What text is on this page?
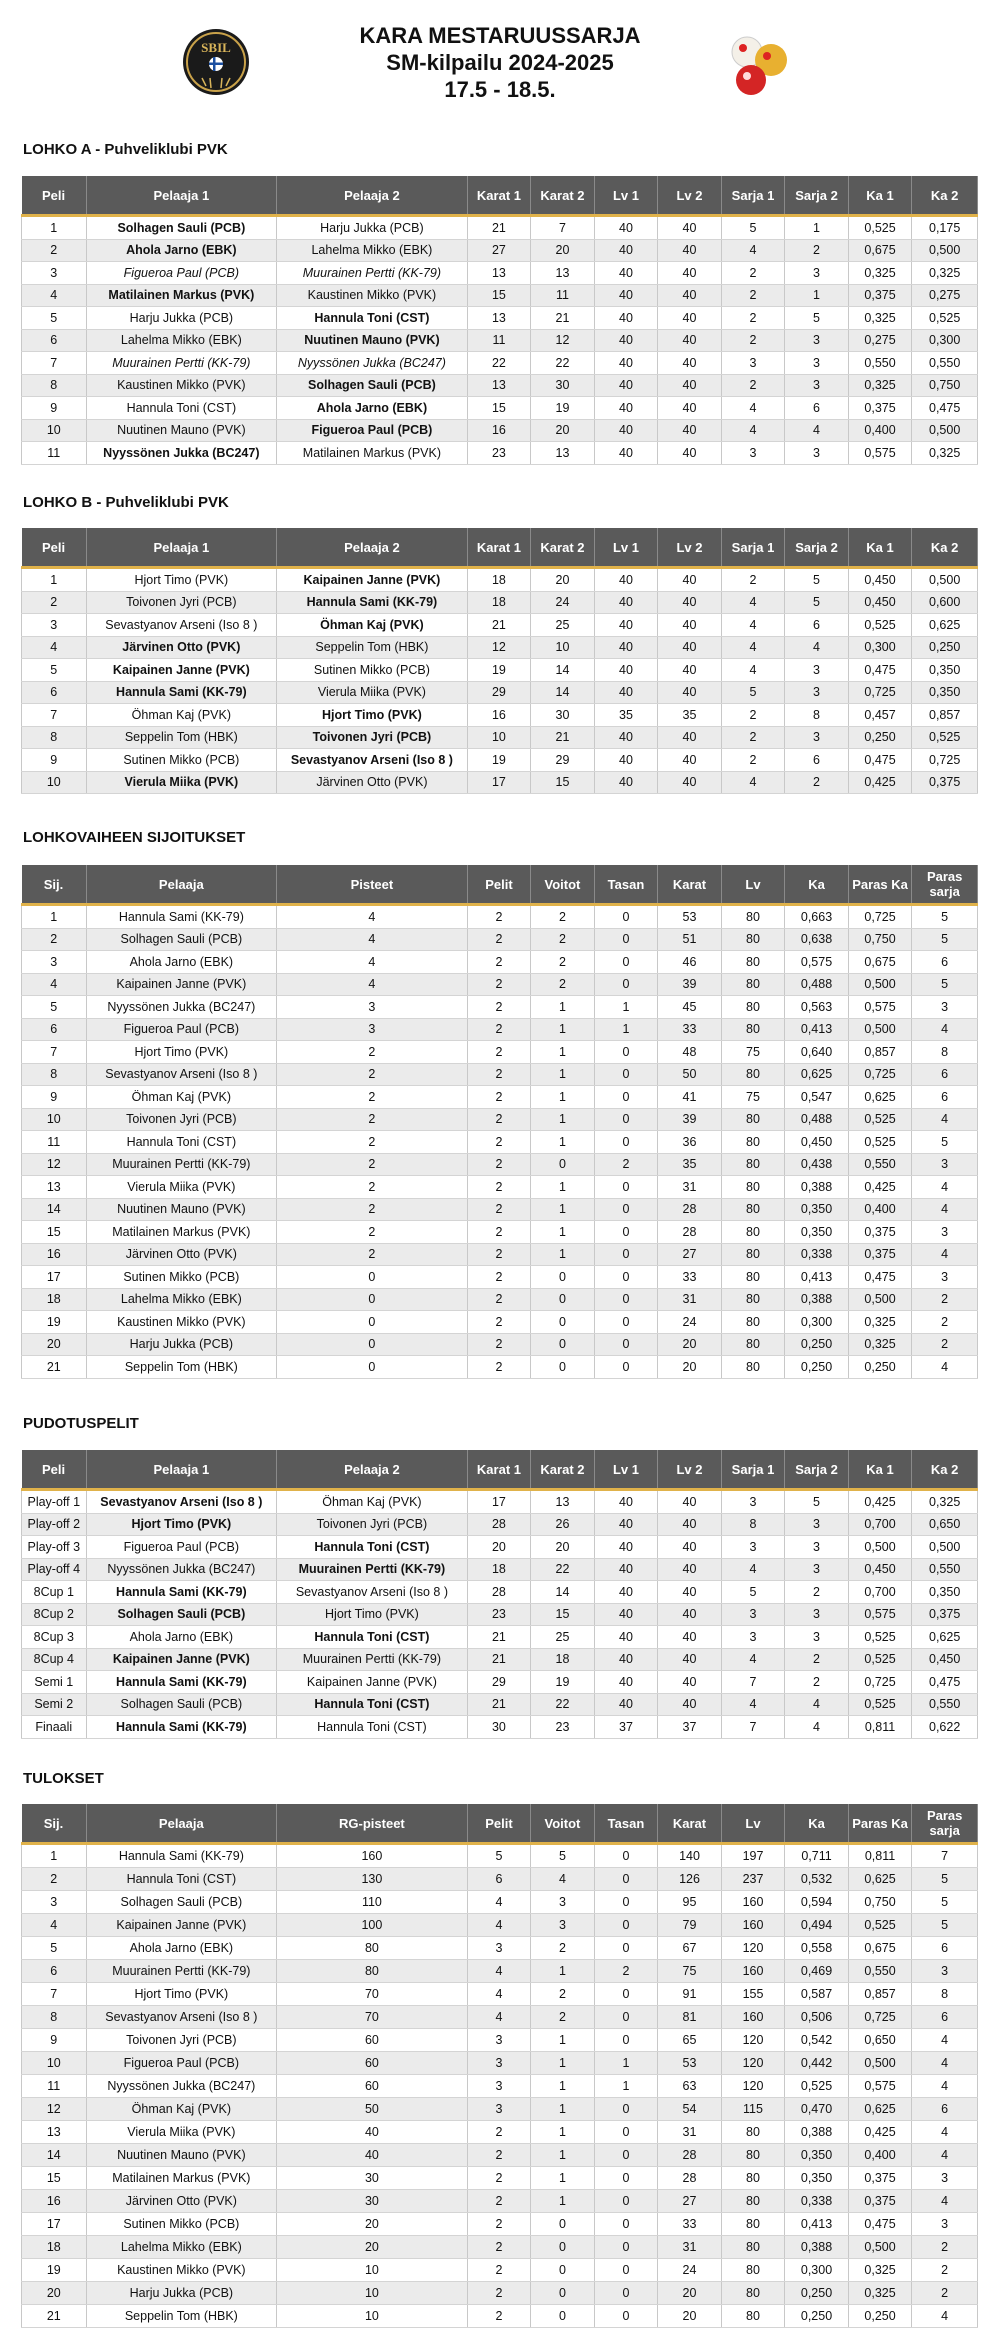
SBIL	KARA MESTARUUSSARJA
SM-kilpailu 2024-2025
17.5 - 18.5.
LOHKO A - Puhveliklubi PVK
Peli	Pelaaja 1	Pelaaja 2	Karat 1	Karat 2	Lv 1	Lv 2	Sarja 1	Sarja 2	Ka 1	Ka 2
1	Solhagen Sauli (PCB)	Harju Jukka (PCB)	21	7	40	40	5	1	0,525	0,175
2	Ahola Jarno (EBK)	Lahelma Mikko (EBK)	27	20	40	40	4	2	0,675	0,500
3	Figueroa Paul (PCB)	Muurainen Pertti (KK-79)	13	13	40	40	2	3	0,325	0,325
4	Matilainen Markus (PVK)	Kaustinen Mikko (PVK)	15	11	40	40	2	1	0,375	0,275
5	Harju Jukka (PCB)	Hannula Toni (CST)	13	21	40	40	2	5	0,325	0,525
6	Lahelma Mikko (EBK)	Nuutinen Mauno (PVK)	11	12	40	40	2	3	0,275	0,300
7	Muurainen Pertti (KK-79)	Nyyssönen Jukka (BC247)	22	22	40	40	3	3	0,550	0,550
8	Kaustinen Mikko (PVK)	Solhagen Sauli (PCB)	13	30	40	40	2	3	0,325	0,750
9	Hannula Toni (CST)	Ahola Jarno (EBK)	15	19	40	40	4	6	0,375	0,475
10	Nuutinen Mauno (PVK)	Figueroa Paul (PCB)	16	20	40	40	4	4	0,400	0,500
11	Nyyssönen Jukka (BC247)	Matilainen Markus (PVK)	23	13	40	40	3	3	0,575	0,325
LOHKO B - Puhveliklubi PVK
Peli	Pelaaja 1	Pelaaja 2	Karat 1	Karat 2	Lv 1	Lv 2	Sarja 1	Sarja 2	Ka 1	Ka 2
1	Hjort Timo (PVK)	Kaipainen Janne (PVK)	18	20	40	40	2	5	0,450	0,500
2	Toivonen Jyri (PCB)	Hannula Sami (KK-79)	18	24	40	40	4	5	0,450	0,600
3	Sevastyanov Arseni (Iso 8 )	Öhman Kaj (PVK)	21	25	40	40	4	6	0,525	0,625
4	Järvinen Otto (PVK)	Seppelin Tom (HBK)	12	10	40	40	4	4	0,300	0,250
5	Kaipainen Janne (PVK)	Sutinen Mikko (PCB)	19	14	40	40	4	3	0,475	0,350
6	Hannula Sami (KK-79)	Vierula Miika (PVK)	29	14	40	40	5	3	0,725	0,350
7	Öhman Kaj (PVK)	Hjort Timo (PVK)	16	30	35	35	2	8	0,457	0,857
8	Seppelin Tom (HBK)	Toivonen Jyri (PCB)	10	21	40	40	2	3	0,250	0,525
9	Sutinen Mikko (PCB)	Sevastyanov Arseni (Iso 8 )	19	29	40	40	2	6	0,475	0,725
10	Vierula Miika (PVK)	Järvinen Otto (PVK)	17	15	40	40	4	2	0,425	0,375
LOHKOVAIHEEN SIJOITUKSET
Sij.	Pelaaja	Pisteet	Pelit	Voitot	Tasan	Karat	Lv	Ka	Paras Ka	Paras sarja
1	Hannula Sami (KK-79)	4	2	2	0	53	80	0,663	0,725	5
2	Solhagen Sauli (PCB)	4	2	2	0	51	80	0,638	0,750	5
3	Ahola Jarno (EBK)	4	2	2	0	46	80	0,575	0,675	6
4	Kaipainen Janne (PVK)	4	2	2	0	39	80	0,488	0,500	5
5	Nyyssönen Jukka (BC247)	3	2	1	1	45	80	0,563	0,575	3
6	Figueroa Paul (PCB)	3	2	1	1	33	80	0,413	0,500	4
7	Hjort Timo (PVK)	2	2	1	0	48	75	0,640	0,857	8
8	Sevastyanov Arseni (Iso 8 )	2	2	1	0	50	80	0,625	0,725	6
9	Öhman Kaj (PVK)	2	2	1	0	41	75	0,547	0,625	6
10	Toivonen Jyri (PCB)	2	2	1	0	39	80	0,488	0,525	4
11	Hannula Toni (CST)	2	2	1	0	36	80	0,450	0,525	5
12	Muurainen Pertti (KK-79)	2	2	0	2	35	80	0,438	0,550	3
13	Vierula Miika (PVK)	2	2	1	0	31	80	0,388	0,425	4
14	Nuutinen Mauno (PVK)	2	2	1	0	28	80	0,350	0,400	4
15	Matilainen Markus (PVK)	2	2	1	0	28	80	0,350	0,375	3
16	Järvinen Otto (PVK)	2	2	1	0	27	80	0,338	0,375	4
17	Sutinen Mikko (PCB)	0	2	0	0	33	80	0,413	0,475	3
18	Lahelma Mikko (EBK)	0	2	0	0	31	80	0,388	0,500	2
19	Kaustinen Mikko (PVK)	0	2	0	0	24	80	0,300	0,325	2
20	Harju Jukka (PCB)	0	2	0	0	20	80	0,250	0,325	2
21	Seppelin Tom (HBK)	0	2	0	0	20	80	0,250	0,250	4
PUDOTUSPELIT
Peli	Pelaaja 1	Pelaaja 2	Karat 1	Karat 2	Lv 1	Lv 2	Sarja 1	Sarja 2	Ka 1	Ka 2
Play-off 1	Sevastyanov Arseni (Iso 8 )	Öhman Kaj (PVK)	17	13	40	40	3	5	0,425	0,325
Play-off 2	Hjort Timo (PVK)	Toivonen Jyri (PCB)	28	26	40	40	8	3	0,700	0,650
Play-off 3	Figueroa Paul (PCB)	Hannula Toni (CST)	20	20	40	40	3	3	0,500	0,500
Play-off 4	Nyyssönen Jukka (BC247)	Muurainen Pertti (KK-79)	18	22	40	40	4	3	0,450	0,550
8Cup 1	Hannula Sami (KK-79)	Sevastyanov Arseni (Iso 8 )	28	14	40	40	5	2	0,700	0,350
8Cup 2	Solhagen Sauli (PCB)	Hjort Timo (PVK)	23	15	40	40	3	3	0,575	0,375
8Cup 3	Ahola Jarno (EBK)	Hannula Toni (CST)	21	25	40	40	3	3	0,525	0,625
8Cup 4	Kaipainen Janne (PVK)	Muurainen Pertti (KK-79)	21	18	40	40	4	2	0,525	0,450
Semi 1	Hannula Sami (KK-79)	Kaipainen Janne (PVK)	29	19	40	40	7	2	0,725	0,475
Semi 2	Solhagen Sauli (PCB)	Hannula Toni (CST)	21	22	40	40	4	4	0,525	0,550
Finaali	Hannula Sami (KK-79)	Hannula Toni (CST)	30	23	37	37	7	4	0,811	0,622
TULOKSET
Sij.	Pelaaja	RG-pisteet	Pelit	Voitot	Tasan	Karat	Lv	Ka	Paras Ka	Paras sarja
1	Hannula Sami (KK-79)	160	5	5	0	140	197	0,711	0,811	7
2	Hannula Toni (CST)	130	6	4	0	126	237	0,532	0,625	5
3	Solhagen Sauli (PCB)	110	4	3	0	95	160	0,594	0,750	5
4	Kaipainen Janne (PVK)	100	4	3	0	79	160	0,494	0,525	5
5	Ahola Jarno (EBK)	80	3	2	0	67	120	0,558	0,675	6
6	Muurainen Pertti (KK-79)	80	4	1	2	75	160	0,469	0,550	3
7	Hjort Timo (PVK)	70	4	2	0	91	155	0,587	0,857	8
8	Sevastyanov Arseni (Iso 8 )	70	4	2	0	81	160	0,506	0,725	6
9	Toivonen Jyri (PCB)	60	3	1	0	65	120	0,542	0,650	4
10	Figueroa Paul (PCB)	60	3	1	1	53	120	0,442	0,500	4
11	Nyyssönen Jukka (BC247)	60	3	1	1	63	120	0,525	0,575	4
12	Öhman Kaj (PVK)	50	3	1	0	54	115	0,470	0,625	6
13	Vierula Miika (PVK)	40	2	1	0	31	80	0,388	0,425	4
14	Nuutinen Mauno (PVK)	40	2	1	0	28	80	0,350	0,400	4
15	Matilainen Markus (PVK)	30	2	1	0	28	80	0,350	0,375	3
16	Järvinen Otto (PVK)	30	2	1	0	27	80	0,338	0,375	4
17	Sutinen Mikko (PCB)	20	2	0	0	33	80	0,413	0,475	3
18	Lahelma Mikko (EBK)	20	2	0	0	31	80	0,388	0,500	2
19	Kaustinen Mikko (PVK)	10	2	0	0	24	80	0,300	0,325	2
20	Harju Jukka (PCB)	10	2	0	0	20	80	0,250	0,325	2
21	Seppelin Tom (HBK)	10	2	0	0	20	80	0,250	0,250	4
